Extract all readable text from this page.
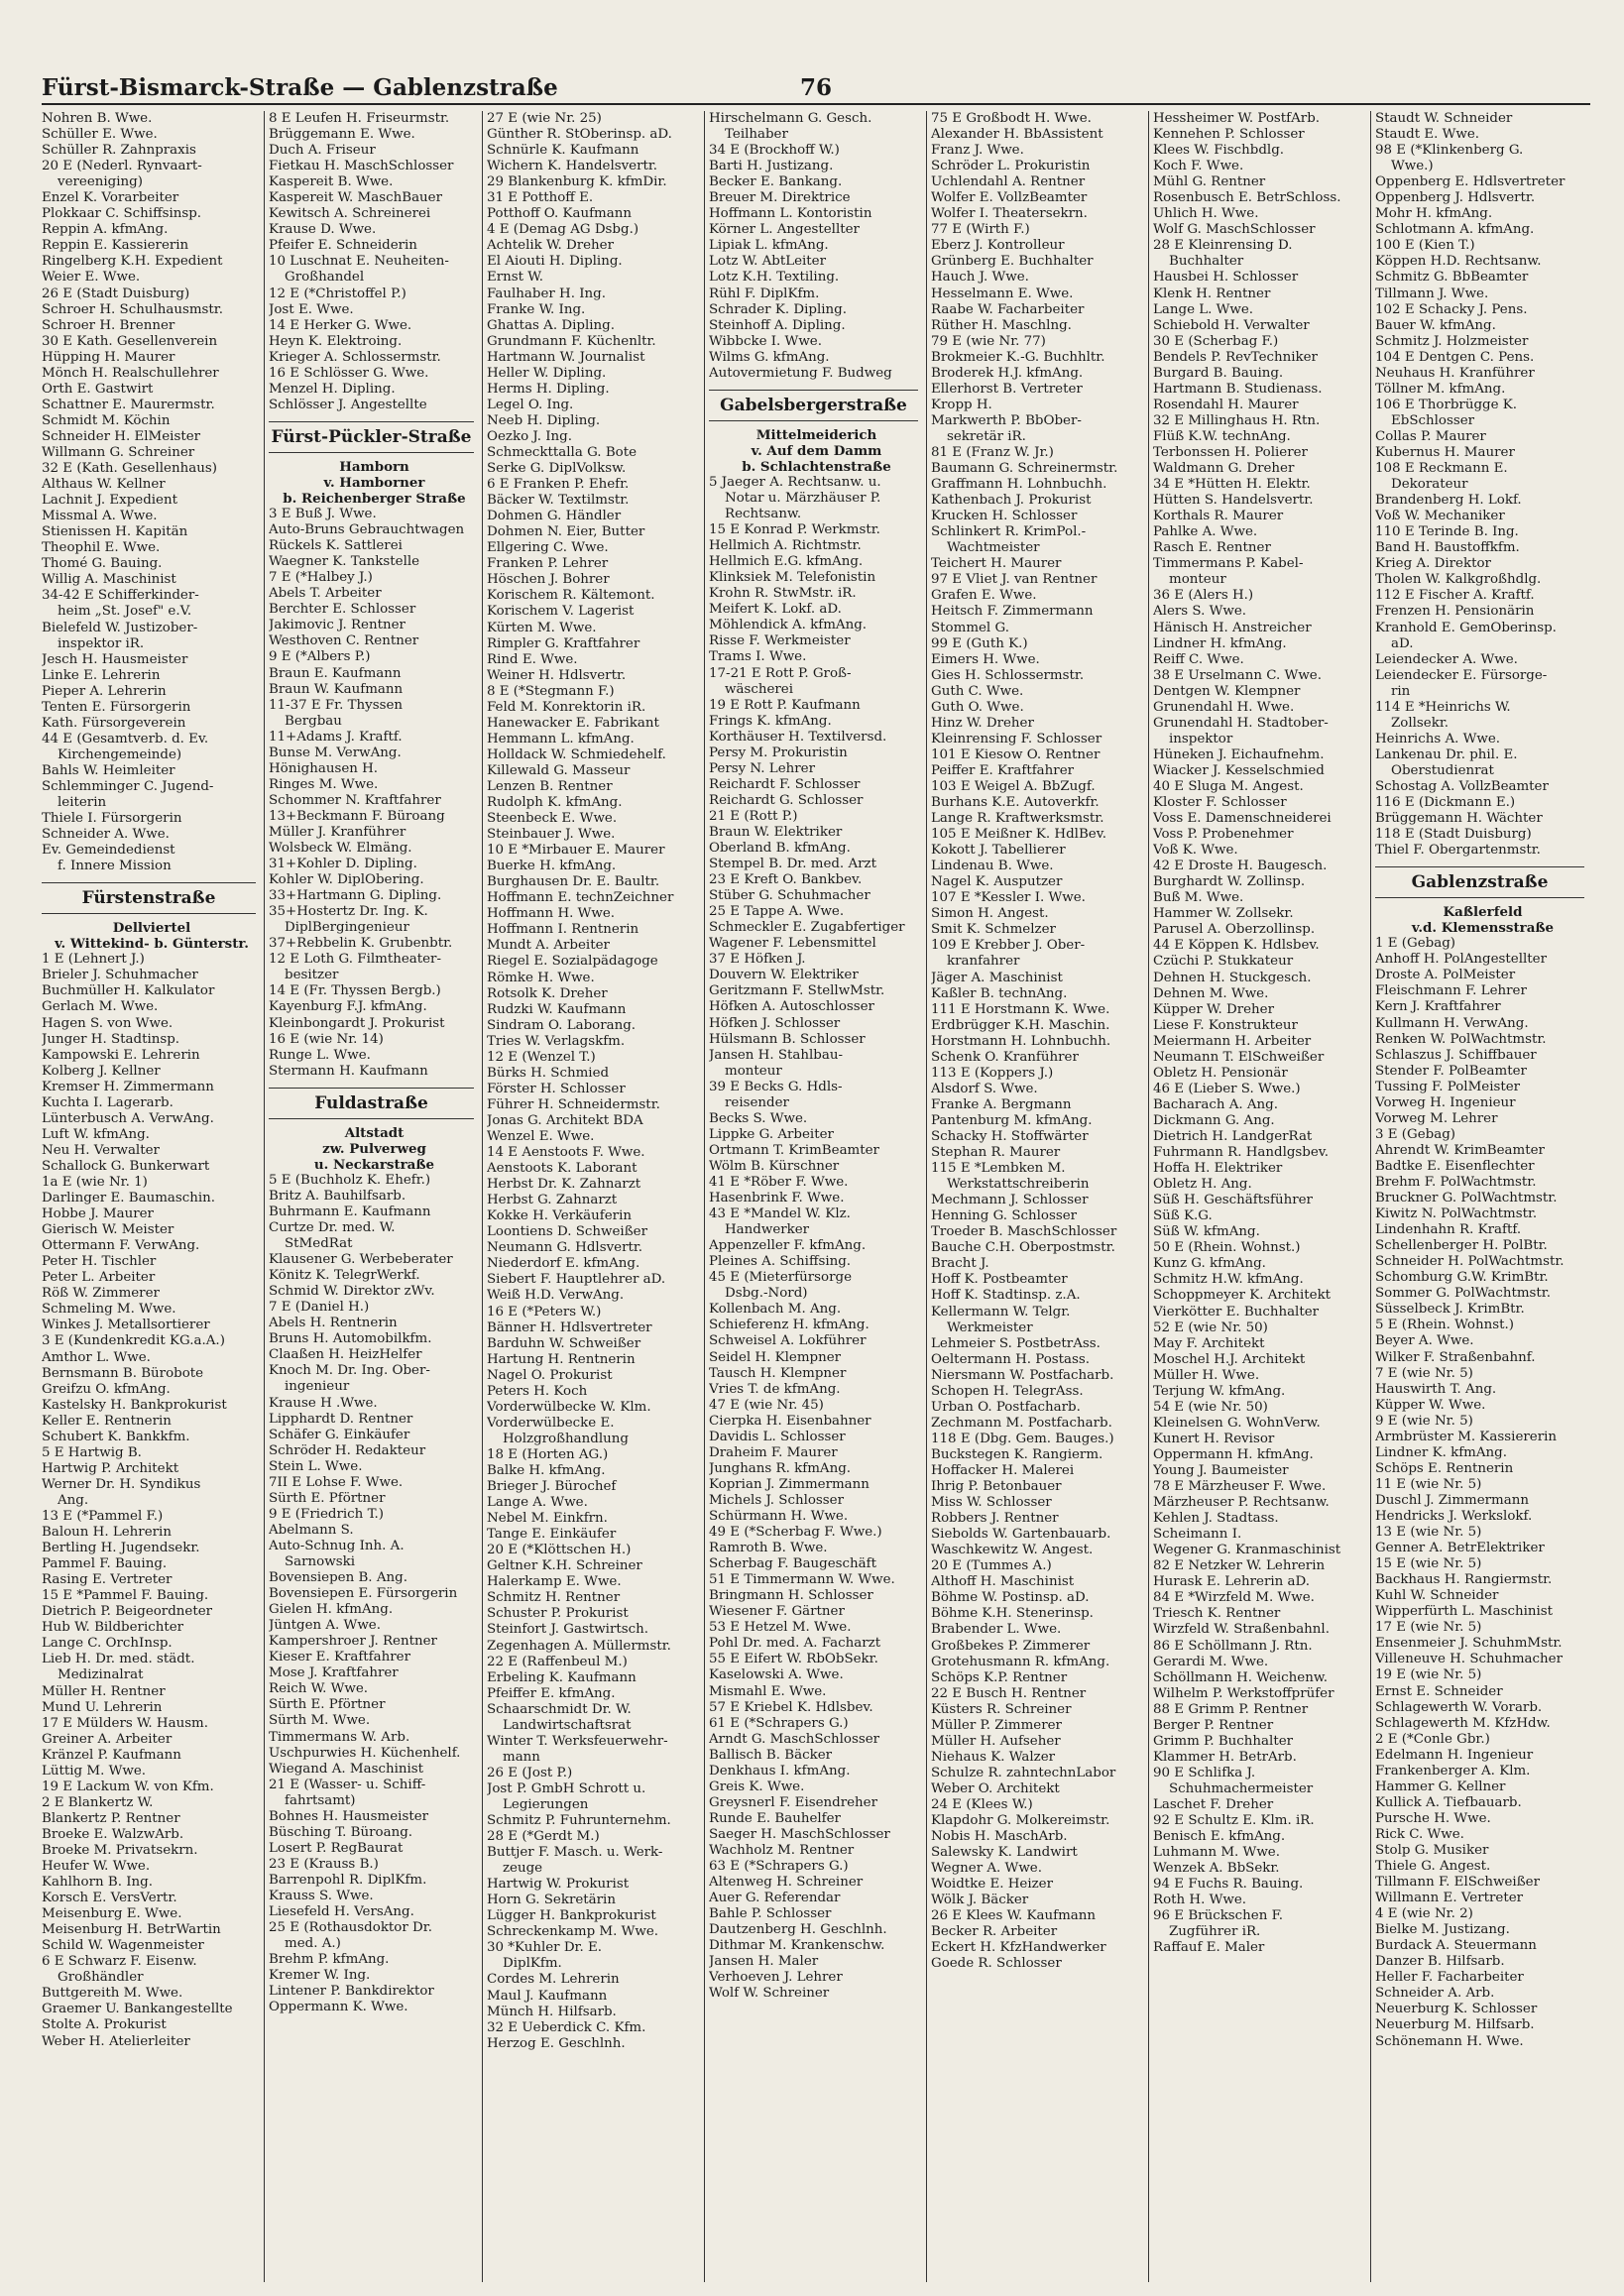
Fürst-Bismarck-Straße — Gablenzstraße	76
Nohren B. Wwe.
Schüller E. Wwe.
Schüller R. Zahnpraxis
20 E (Nederl. Rynvaart-
vereeniging)
Enzel K. Vorarbeiter
Plokkaar C. Schiffsinsp.
Reppin A. kfmAng.
Reppin E. Kassiererin
Ringelberg K.H. Expedient
Weier E. Wwe.
26 E (Stadt Duisburg)
Schroer H. Schulhausmstr.
Schroer H. Brenner
30 E Kath. Gesellenverein
Hüpping H. Maurer
Mönch H. Realschullehrer
Orth E. Gastwirt
Schattner E. Maurermstr.
Schmidt M. Köchin
Schneider H. ElMeister
Willmann G. Schreiner
32 E (Kath. Gesellenhaus)
Althaus W. Kellner
Lachnit J. Expedient
Missmal A. Wwe.
Stienissen H. Kapitän
Theophil E. Wwe.
Thomé G. Bauing.
Willig A. Maschinist
34-42 E Schifferkinder-
heim „St. Josef" e.V.
Bielefeld W. Justizober-
inspektor iR.
Jesch H. Hausmeister
Linke E. Lehrerin
Pieper A. Lehrerin
Tenten E. Fürsorgerin
Kath. Fürsorgeverein
44 E (Gesamtverb. d. Ev.
Kirchengemeinde)
Bahls W. Heimleiter
Schlemminger C. Jugend-
leiterin
Thiele I. Fürsorgerin
Schneider A. Wwe.
Ev. Gemeindedienst
f. Innere Mission
Fürstenstraße
Dellviertel
v. Wittekind- b. Günterstr.
1 E (Lehnert J.)
Brieler J. Schuhmacher
Buchmüller H. Kalkulator
Gerlach M. Wwe.
Hagen S. von Wwe.
Junger H. Stadtinsp.
Kampowski E. Lehrerin
Kolberg J. Kellner
Kremser H. Zimmermann
Kuchta I. Lagerarb.
Lünterbusch A. VerwAng.
Luft W. kfmAng.
Neu H. Verwalter
Schallock G. Bunkerwart
1a E (wie Nr. 1)
Darlinger E. Baumaschin.
Hobbe J. Maurer
Gierisch W. Meister
Ottermann F. VerwAng.
Peter H. Tischler
Peter L. Arbeiter
Röß W. Zimmerer
Schmeling M. Wwe.
Winkes J. Metallsortierer
3 E (Kundenkredit KG.a.A.)
Amthor L. Wwe.
Bernsmann B. Bürobote
Greifzu O. kfmAng.
Kastelsky H. Bankprokurist
Keller E. Rentnerin
Schubert K. Bankkfm.
5 E Hartwig B.
Hartwig P. Architekt
Werner Dr. H. Syndikus
Ang.
13 E (*Pammel F.)
Baloun H. Lehrerin
Bertling H. Jugendsekr.
Pammel F. Bauing.
Rasing E. Vertreter
15 E *Pammel F. Bauing.
Dietrich P. Beigeordneter
Hub W. Bildberichter
Lange C. OrchInsp.
Lieb H. Dr. med. städt.
Medizinalrat
Müller H. Rentner
Mund U. Lehrerin
17 E Mülders W. Hausm.
Greiner A. Arbeiter
Kränzel P. Kaufmann
Lüttig M. Wwe.
19 E Lackum W. von Kfm.
2 E Blankertz W.
Blankertz P. Rentner
Broeke E. WalzwArb.
Broeke M. Privatsekrn.
Heufer W. Wwe.
Kahlhorn B. Ing.
Korsch E. VersVertr.
Meisenburg E. Wwe.
Meisenburg H. BetrWartin
Schild W. Wagenmeister
6 E Schwarz F. Eisenw.
Großhändler
Buttgereith M. Wwe.
Graemer U. Bankangestellte
Stolte A. Prokurist
Weber H. Atelierleiter
8 E Leufen H. Friseurmstr.
Brüggemann E. Wwe.
Duch A. Friseur
Fietkau H. MaschSchlosser
Kaspereit B. Wwe.
Kaspereit W. MaschBauer
Kewitsch A. Schreinerei
Krause D. Wwe.
Pfeifer E. Schneiderin
10 Luschnat E. Neuheiten-
Großhandel
12 E (*Christoffel P.)
Jost E. Wwe.
14 E Herker G. Wwe.
Heyn K. Elektroing.
Krieger A. Schlossermstr.
16 E Schlösser G. Wwe.
Menzel H. Dipling.
Schlösser J. Angestellte
Fürst-Pückler-Straße
Hamborn
v. Hamborner
b. Reichenberger Straße
3 E Buß J. Wwe.
Auto-Bruns Gebrauchtwagen
Rückels K. Sattlerei
Waegner K. Tankstelle
7 E (*Halbey J.)
Abels T. Arbeiter
Berchter E. Schlosser
Jakimovic J. Rentner
Westhoven C. Rentner
9 E (*Albers P.)
Braun E. Kaufmann
Braun W. Kaufmann
11-37 E Fr. Thyssen
Bergbau
11+Adams J. Kraftf.
Bunse M. VerwAng.
Hönighausen H.
Ringes M. Wwe.
Schommer N. Kraftfahrer
13+Beckmann F. Büroang
Müller J. Kranführer
Wolsbeck W. Elmäng.
31+Kohler D. Dipling.
Kohler W. DiplObering.
33+Hartmann G. Dipling.
35+Hostertz Dr. Ing. K.
DiplBergingenieur
37+Rebbelin K. Grubenbtr.
12 E Loth G. Filmtheater-
besitzer
14 E (Fr. Thyssen Bergb.)
Kayenburg F.J. kfmAng.
Kleinbongardt J. Prokurist
16 E (wie Nr. 14)
Runge L. Wwe.
Stermann H. Kaufmann
Fuldastraße
Altstadt
zw. Pulverweg
u. Neckarstraße
5 E (Buchholz K. Ehefr.)
Britz A. Bauhilfsarb.
Buhrmann E. Kaufmann
Curtze Dr. med. W.
StMedRat
Klausener G. Werbeberater
Könitz K. TelegrWerkf.
Schmid W. Direktor zWv.
7 E (Daniel H.)
Abels H. Rentnerin
Bruns H. Automobilkfm.
Claaßen H. HeizHelfer
Knoch M. Dr. Ing. Ober-
ingenieur
Krause H .Wwe.
Lipphardt D. Rentner
Schäfer G. Einkäufer
Schröder H. Redakteur
Stein L. Wwe.
7II E Lohse F. Wwe.
Sürth E. Pförtner
9 E (Friedrich T.)
Abelmann S.
Auto-Schnug Inh. A.
Sarnowski
Bovensiepen B. Ang.
Bovensiepen E. Fürsorgerin
Gielen H. kfmAng.
Jüntgen A. Wwe.
Kampershroer J. Rentner
Kieser E. Kraftfahrer
Mose J. Kraftfahrer
Reich W. Wwe.
Sürth E. Pförtner
Sürth M. Wwe.
Timmermans W. Arb.
Uschpurwies H. Küchenhelf.
Wiegand A. Maschinist
21 E (Wasser- u. Schiff-
fahrtsamt)
Bohnes H. Hausmeister
Büsching T. Büroang.
Losert P. RegBaurat
23 E (Krauss B.)
Barrenpohl R. DiplKfm.
Krauss S. Wwe.
Liesefeld H. VersAng.
25 E (Rothausdoktor Dr.
med. A.)
Brehm P. kfmAng.
Kremer W. Ing.
Lintener P. Bankdirektor
Oppermann K. Wwe.
27 E (wie Nr. 25)
Günther R. StOberinsp. aD.
Schnürle K. Kaufmann
Wichern K. Handelsvertr.
29 Blankenburg K. kfmDir.
31 E Potthoff E.
Potthoff O. Kaufmann
4 E (Demag AG Dsbg.)
Achtelik W. Dreher
El Aiouti H. Dipling.
Ernst W.
Faulhaber H. Ing.
Franke W. Ing.
Ghattas A. Dipling.
Grundmann F. Küchenltr.
Hartmann W. Journalist
Heller W. Dipling.
Herms H. Dipling.
Legel O. Ing.
Neeb H. Dipling.
Oezko J. Ing.
Schmeckttalla G. Bote
Serke G. DiplVolksw.
6 E Franken P. Ehefr.
Bäcker W. Textilmstr.
Dohmen G. Händler
Dohmen N. Eier, Butter
Ellgering C. Wwe.
Franken P. Lehrer
Höschen J. Bohrer
Korischem R. Kältemont.
Korischem V. Lagerist
Kürten M. Wwe.
Rimpler G. Kraftfahrer
Rind E. Wwe.
Weiner H. Hdlsvertr.
8 E (*Stegmann F.)
Feld M. Konrektorin iR.
Hanewacker E. Fabrikant
Hemmann L. kfmAng.
Holldack W. Schmiedehelf.
Killewald G. Masseur
Lenzen B. Rentner
Rudolph K. kfmAng.
Steenbeck E. Wwe.
Steinbauer J. Wwe.
10 E *Mirbauer E. Maurer
Buerke H. kfmAng.
Burghausen Dr. E. Baultr.
Hoffmann E. technZeichner
Hoffmann H. Wwe.
Hoffmann I. Rentnerin
Mundt A. Arbeiter
Riegel E. Sozialpädagoge
Römke H. Wwe.
Rotsolk K. Dreher
Rudzki W. Kaufmann
Sindram O. Laborang.
Tries W. Verlagskfm.
12 E (Wenzel T.)
Bürks H. Schmied
Förster H. Schlosser
Führer H. Schneidermstr.
Jonas G. Architekt BDA
Wenzel E. Wwe.
14 E Aenstoots F. Wwe.
Aenstoots K. Laborant
Herbst Dr. K. Zahnarzt
Herbst G. Zahnarzt
Kokke H. Verkäuferin
Loontiens D. Schweißer
Neumann G. Hdlsvertr.
Niederdorf E. kfmAng.
Siebert F. Hauptlehrer aD.
Weiß H.D. VerwAng.
16 E (*Peters W.)
Bänner H. Hdlsvertreter
Barduhn W. Schweißer
Hartung H. Rentnerin
Nagel O. Prokurist
Peters H. Koch
Vorderwülbecke W. Klm.
Vorderwülbecke E.
Holzgroßhandlung
18 E (Horten AG.)
Balke H. kfmAng.
Brieger J. Bürochef
Lange A. Wwe.
Nebel M. Einkfrn.
Tange E. Einkäufer
20 E (*Klöttschen H.)
Geltner K.H. Schreiner
Halerkamp E. Wwe.
Schmitz H. Rentner
Schuster P. Prokurist
Steinfort J. Gastwirtsch.
Zegenhagen A. Müllermstr.
22 E (Raffenbeul M.)
Erbeling K. Kaufmann
Pfeiffer E. kfmAng.
Schaarschmidt Dr. W.
Landwirtschaftsrat
Winter T. Werksfeuerwehr-
mann
26 E (Jost P.)
Jost P. GmbH Schrott u.
Legierungen
Schmitz P. Fuhrunternehm.
28 E (*Gerdt M.)
Buttjer F. Masch. u. Werk-
zeuge
Hartwig W. Prokurist
Horn G. Sekretärin
Lügger H. Bankprokurist
Schreckenkamp M. Wwe.
30 *Kuhler Dr. E.
DiplKfm.
Cordes M. Lehrerin
Maul J. Kaufmann
Münch H. Hilfsarb.
32 E Ueberdick C. Kfm.
Herzog E. Geschlnh.
Hirschelmann G. Gesch.
Teilhaber
34 E (Brockhoff W.)
Barti H. Justizang.
Becker E. Bankang.
Breuer M. Direktrice
Hoffmann L. Kontoristin
Körner L. Angestellter
Lipiak L. kfmAng.
Lotz W. AbtLeiter
Lotz K.H. Textiling.
Rühl F. DiplKfm.
Schrader K. Dipling.
Steinhoff A. Dipling.
Wibbcke I. Wwe.
Wilms G. kfmAng.
Autovermietung F. Budweg
Gabelsbergerstraße
Mittelmeiderich
v. Auf dem Damm
b. Schlachtenstraße
5 Jaeger A. Rechtsanw. u.
Notar u. Märzhäuser P.
Rechtsanw.
15 E Konrad P. Werkmstr.
Hellmich A. Richtmstr.
Hellmich E.G. kfmAng.
Klinksiek M. Telefonistin
Krohn R. StwMstr. iR.
Meifert K. Lokf. aD.
Möhlendick A. kfmAng.
Risse F. Werkmeister
Trams I. Wwe.
17-21 E Rott P. Groß-
wäscherei
19 E Rott P. Kaufmann
Frings K. kfmAng.
Korthäuser H. Textilversd.
Persy M. Prokuristin
Persy N. Lehrer
Reichardt F. Schlosser
Reichardt G. Schlosser
21 E (Rott P.)
Braun W. Elektriker
Oberland B. kfmAng.
Stempel B. Dr. med. Arzt
23 E Kreft O. Bankbev.
Stüber G. Schuhmacher
25 E Tappe A. Wwe.
Schmeckler E. Zugabfertiger
Wagener F. Lebensmittel
37 E Höfken J.
Douvern W. Elektriker
Geritzmann F. StellwMstr.
Höfken A. Autoschlosser
Höfken J. Schlosser
Hülsmann B. Schlosser
Jansen H. Stahlbau-
monteur
39 E Becks G. Hdls-
reisender
Becks S. Wwe.
Lippke G. Arbeiter
Ortmann T. KrimBeamter
Wölm B. Kürschner
41 E *Röber F. Wwe.
Hasenbrink F. Wwe.
43 E *Mandel W. Klz.
Handwerker
Appenzeller F. kfmAng.
Pleines A. Schiffsing.
45 E (Mieterfürsorge
Dsbg.-Nord)
Kollenbach M. Ang.
Schieferenz H. kfmAng.
Schweisel A. Lokführer
Seidel H. Klempner
Tausch H. Klempner
Vries T. de kfmAng.
47 E (wie Nr. 45)
Cierpka H. Eisenbahner
Davidis L. Schlosser
Draheim F. Maurer
Junghans R. kfmAng.
Koprian J. Zimmermann
Michels J. Schlosser
Schürmann H. Wwe.
49 E (*Scherbag F. Wwe.)
Ramroth B. Wwe.
Scherbag F. Baugeschäft
51 E Timmermann W. Wwe.
Bringmann H. Schlosser
Wiesener F. Gärtner
53 E Hetzel M. Wwe.
Pohl Dr. med. A. Facharzt
55 E Eifert W. RbObSekr.
Kaselowski A. Wwe.
Mismahl E. Wwe.
57 E Kriebel K. Hdlsbev.
61 E (*Schrapers G.)
Arndt G. MaschSchlosser
Ballisch B. Bäcker
Denkhaus I. kfmAng.
Greis K. Wwe.
Greysnerl F. Eisendreher
Runde E. Bauhelfer
Saeger H. MaschSchlosser
Wachholz M. Rentner
63 E (*Schrapers G.)
Altenweg H. Schreiner
Auer G. Referendar
Bahle P. Schlosser
Dautzenberg H. Geschlnh.
Dithmar M. Krankenschw.
Jansen H. Maler
Verhoeven J. Lehrer
Wolf W. Schreiner
75 E Großbodt H. Wwe.
Alexander H. BbAssistent
Franz J. Wwe.
Schröder L. Prokuristin
Uchlendahl A. Rentner
Wolfer E. VollzBeamter
Wolfer I. Theatersekrn.
77 E (Wirth F.)
Eberz J. Kontrolleur
Grünberg E. Buchhalter
Hauch J. Wwe.
Hesselmann E. Wwe.
Raabe W. Facharbeiter
Rüther H. Maschlng.
79 E (wie Nr. 77)
Brokmeier K.-G. Buchhltr.
Broderek H.J. kfmAng.
Ellerhorst B. Vertreter
Kropp H.
Markwerth P. BbOber-
sekretär iR.
81 E (Franz W. Jr.)
Baumann G. Schreinermstr.
Graffmann H. Lohnbuchh.
Kathenbach J. Prokurist
Krucken H. Schlosser
Schlinkert R. KrimPol.-
Wachtmeister
Teichert H. Maurer
97 E Vliet J. van Rentner
Grafen E. Wwe.
Heitsch F. Zimmermann
Stommel G.
99 E (Guth K.)
Eimers H. Wwe.
Gies H. Schlossermstr.
Guth C. Wwe.
Guth O. Wwe.
Hinz W. Dreher
Kleinrensing F. Schlosser
101 E Kiesow O. Rentner
Peiffer E. Kraftfahrer
103 E Weigel A. BbZugf.
Burhans K.E. Autoverkfr.
Lange R. Kraftwerksmstr.
105 E Meißner K. HdlBev.
Kokott J. Tabellierer
Lindenau B. Wwe.
Nagel K. Ausputzer
107 E *Kessler I. Wwe.
Simon H. Angest.
Smit K. Schmelzer
109 E Krebber J. Ober-
kranfahrer
Jäger A. Maschinist
Kaßler B. technAng.
111 E Horstmann K. Wwe.
Erdbrügger K.H. Maschin.
Horstmann H. Lohnbuchh.
Schenk O. Kranführer
113 E (Koppers J.)
Alsdorf S. Wwe.
Franke A. Bergmann
Pantenburg M. kfmAng.
Schacky H. Stoffwärter
Stephan R. Maurer
115 E *Lembken M.
Werkstattschreiberin
Mechmann J. Schlosser
Henning G. Schlosser
Troeder B. MaschSchlosser
Bauche C.H. Oberpostmstr.
Bracht J.
Hoff K. Postbeamter
Hoff K. Stadtinsp. z.A.
Kellermann W. Telgr.
Werkmeister
Lehmeier S. PostbetrAss.
Oeltermann H. Postass.
Niersmann W. Postfacharb.
Schopen H. TelegrAss.
Urban O. Postfacharb.
Zechmann M. Postfacharb.
118 E (Dbg. Gem. Bauges.)
Buckstegen K. Rangierm.
Hoffacker H. Malerei
Ihrig P. Betonbauer
Miss W. Schlosser
Robbers J. Rentner
Siebolds W. Gartenbauarb.
Waschkewitz W. Angest.
20 E (Tummes A.)
Althoff H. Maschinist
Böhme W. Postinsp. aD.
Böhme K.H. Stenerinsp.
Brabender L. Wwe.
Großbekes P. Zimmerer
Grotehusmann R. kfmAng.
Schöps K.P. Rentner
22 E Busch H. Rentner
Küsters R. Schreiner
Müller P. Zimmerer
Müller H. Aufseher
Niehaus K. Walzer
Schulze R. zahntechnLabor
Weber O. Architekt
24 E (Klees W.)
Klapdohr G. Molkereimstr.
Nobis H. MaschArb.
Salewsky K. Landwirt
Wegner A. Wwe.
Woidtke E. Heizer
Wölk J. Bäcker
26 E Klees W. Kaufmann
Becker R. Arbeiter
Eckert H. KfzHandwerker
Goede R. Schlosser
Hessheimer W. PostfArb.
Kennehen P. Schlosser
Klees W. Fischbdlg.
Koch F. Wwe.
Mühl G. Rentner
Rosenbusch E. BetrSchloss.
Uhlich H. Wwe.
Wolf G. MaschSchlosser
28 E Kleinrensing D.
Buchhalter
Hausbei H. Schlosser
Klenk H. Rentner
Lange L. Wwe.
Schiebold H. Verwalter
30 E (Scherbag F.)
Bendels P. RevTechniker
Burgard B. Bauing.
Hartmann B. Studienass.
Rosendahl H. Maurer
32 E Millinghaus H. Rtn.
Flüß K.W. technAng.
Terbonssen H. Polierer
Waldmann G. Dreher
34 E *Hütten H. Elektr.
Hütten S. Handelsvertr.
Korthals R. Maurer
Pahlke A. Wwe.
Rasch E. Rentner
Timmermans P. Kabel-
monteur
36 E (Alers H.)
Alers S. Wwe.
Hänisch H. Anstreicher
Lindner H. kfmAng.
Reiff C. Wwe.
38 E Urselmann C. Wwe.
Dentgen W. Klempner
Grunendahl H. Wwe.
Grunendahl H. Stadtober-
inspektor
Hüneken J. Eichaufnehm.
Wiacker J. Kesselschmied
40 E Sluga M. Angest.
Kloster F. Schlosser
Voss E. Damenschneiderei
Voss P. Probenehmer
Voß K. Wwe.
42 E Droste H. Baugesch.
Burghardt W. Zollinsp.
Buß M. Wwe.
Hammer W. Zollsekr.
Parusel A. Oberzollinsp.
44 E Köppen K. Hdlsbev.
Czüchi P. Stukkateur
Dehnen H. Stuckgesch.
Dehnen M. Wwe.
Küpper W. Dreher
Liese F. Konstrukteur
Meiermann H. Arbeiter
Neumann T. ElSchweißer
Obletz H. Pensionär
46 E (Lieber S. Wwe.)
Bacharach A. Ang.
Dickmann G. Ang.
Dietrich H. LandgerRat
Fuhrmann R. Handlgsbev.
Hoffa H. Elektriker
Obletz H. Ang.
Süß H. Geschäftsführer
Süß K.G.
Süß W. kfmAng.
50 E (Rhein. Wohnst.)
Kunz G. kfmAng.
Schmitz H.W. kfmAng.
Schoppmeyer K. Architekt
Vierkötter E. Buchhalter
52 E (wie Nr. 50)
May F. Architekt
Moschel H.J. Architekt
Müller H. Wwe.
Terjung W. kfmAng.
54 E (wie Nr. 50)
Kleinelsen G. WohnVerw.
Kunert H. Revisor
Oppermann H. kfmAng.
Young J. Baumeister
78 E Märzheuser F. Wwe.
Märzheuser P. Rechtsanw.
Kehlen J. Stadtass.
Scheimann I.
Wegener G. Kranmaschinist
82 E Netzker W. Lehrerin
Hurask E. Lehrerin aD.
84 E *Wirzfeld M. Wwe.
Triesch K. Rentner
Wirzfeld W. Straßenbahnl.
86 E Schöllmann J. Rtn.
Gerardi M. Wwe.
Schöllmann H. Weichenw.
Wilhelm P. Werkstoffprüfer
88 E Grimm P. Rentner
Berger P. Rentner
Grimm P. Buchhalter
Klammer H. BetrArb.
90 E Schlifka J.
Schuhmachermeister
Laschet F. Dreher
92 E Schultz E. Klm. iR.
Benisch E. kfmAng.
Luhmann M. Wwe.
Wenzek A. BbSekr.
94 E Fuchs R. Bauing.
Roth H. Wwe.
96 E Brückschen F.
Zugführer iR.
Raffauf E. Maler
Staudt W. Schneider
Staudt E. Wwe.
98 E (*Klinkenberg G.
Wwe.)
Oppenberg E. Hdlsvertreter
Oppenberg J. Hdlsvertr.
Mohr H. kfmAng.
Schlotmann A. kfmAng.
100 E (Kien T.)
Köppen H.D. Rechtsanw.
Schmitz G. BbBeamter
Tillmann J. Wwe.
102 E Schacky J. Pens.
Bauer W. kfmAng.
Schmitz J. Holzmeister
104 E Dentgen C. Pens.
Neuhaus H. Kranführer
Töllner M. kfmAng.
106 E Thorbrügge K.
EbSchlosser
Collas P. Maurer
Kubernus H. Maurer
108 E Reckmann E.
Dekorateur
Brandenberg H. Lokf.
Voß W. Mechaniker
110 E Terinde B. Ing.
Band H. Baustoffkfm.
Krieg A. Direktor
Tholen W. Kalkgroßhdlg.
112 E Fischer A. Kraftf.
Frenzen H. Pensionärin
Kranhold E. GemOberinsp.
aD.
Leiendecker A. Wwe.
Leiendecker E. Fürsorge-
rin
114 E *Heinrichs W.
Zollsekr.
Heinrichs A. Wwe.
Lankenau Dr. phil. E.
Oberstudienrat
Schostag A. VollzBeamter
116 E (Dickmann E.)
Brüggemann H. Wächter
118 E (Stadt Duisburg)
Thiel F. Obergartenmstr.
Gablenzstraße
Kaßlerfeld
v.d. Klemensstraße
1 E (Gebag)
Anhoff H. PolAngestellter
Droste A. PolMeister
Fleischmann F. Lehrer
Kern J. Kraftfahrer
Kullmann H. VerwAng.
Renken W. PolWachtmstr.
Schlaszus J. Schiffbauer
Stender F. PolBeamter
Tussing F. PolMeister
Vorweg H. Ingenieur
Vorweg M. Lehrer
3 E (Gebag)
Ahrendt W. KrimBeamter
Badtke E. Eisenflechter
Brehm F. PolWachtmstr.
Bruckner G. PolWachtmstr.
Kiwitz N. PolWachtmstr.
Lindenhahn R. Kraftf.
Schellenberger H. PolBtr.
Schneider H. PolWachtmstr.
Schomburg G.W. KrimBtr.
Sommer G. PolWachtmstr.
Süsselbeck J. KrimBtr.
5 E (Rhein. Wohnst.)
Beyer A. Wwe.
Wilker F. Straßenbahnf.
7 E (wie Nr. 5)
Hauswirth T. Ang.
Küpper W. Wwe.
9 E (wie Nr. 5)
Armbrüster M. Kassiererin
Lindner K. kfmAng.
Schöps E. Rentnerin
11 E (wie Nr. 5)
Duschl J. Zimmermann
Hendricks J. Werkslokf.
13 E (wie Nr. 5)
Genner A. BetrElektriker
15 E (wie Nr. 5)
Backhaus H. Rangiermstr.
Kuhl W. Schneider
Wipperfürth L. Maschinist
17 E (wie Nr. 5)
Ensenmeier J. SchuhmMstr.
Villeneuve H. Schuhmacher
19 E (wie Nr. 5)
Ernst E. Schneider
Schlagewerth W. Vorarb.
Schlagewerth M. KfzHdw.
2 E (*Conle Gbr.)
Edelmann H. Ingenieur
Frankenberger A. Klm.
Hammer G. Kellner
Kullick A. Tiefbauarb.
Pursche H. Wwe.
Rick C. Wwe.
Stolp G. Musiker
Thiele G. Angest.
Tillmann F. ElSchweißer
Willmann E. Vertreter
4 E (wie Nr. 2)
Bielke M. Justizang.
Burdack A. Steuermann
Danzer B. Hilfsarb.
Heller F. Facharbeiter
Schneider A. Arb.
Neuerburg K. Schlosser
Neuerburg M. Hilfsarb.
Schönemann H. Wwe.
